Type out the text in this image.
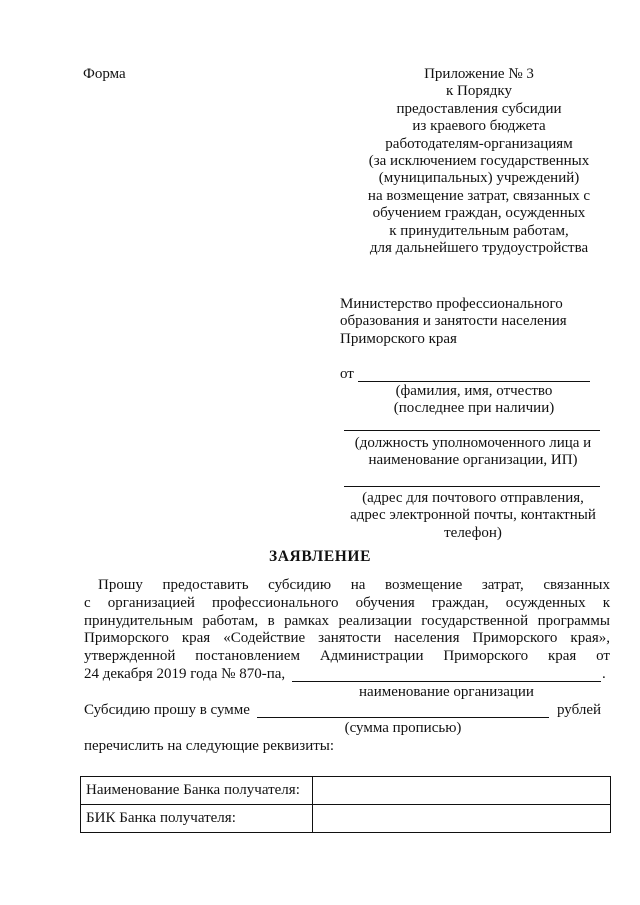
Форма	Приложение № 3
к Порядку
предоставления субсидии
из краевого бюджета
работодателям-организациям
(за исключением государственных
(муниципальных) учреждений)
на возмещение затрат, связанных с
обучением граждан, осужденных
к принудительным работам,
для дальнейшего трудоустройства
Министерство профессионального
образования и занятости населения
Приморского края
от
(фамилия, имя, отчество
(последнее при наличии)
(должность уполномоченного лица и
наименование организации, ИП)
(адрес для почтового отправления,
адрес электронной почты, контактный
телефон)
ЗАЯВЛЕНИЕ
Прошу предоставить субсидию на возмещение затрат, связанных
с организацией профессионального обучения граждан, осужденных к
принудительным работам, в рамках реализации государственной программы
Приморского края «Содействие занятости населения Приморского края»,
утвержденной постановлением Администрации Приморского края от
24 декабря 2019 года № 870-па,	.
наименование организации
Субсидию прошу в сумме	рублей
(сумма прописью)
перечислить на следующие реквизиты:
Наименование Банка получателя:	
БИК Банка получателя:	
